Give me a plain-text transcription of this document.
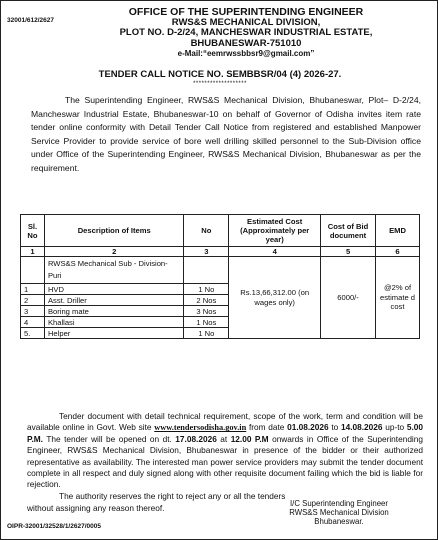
32001/612/2627
OFFICE OF THE SUPERINTENDING ENGINEER
RWS&S MECHANICAL DIVISION,
PLOT NO. D-2/24, MANCHESWAR INDUSTRIAL ESTATE,
BHUBANESWAR-751010
e-Mail:“eemrwssbbsr9@gmail.com”
TENDER CALL NOTICE NO. SEMBBSR/04 (4) 2026-27.
*******************

The Superintending Engineer, RWS&S Mechanical Division, Bhubaneswar, Plot– D-2/24, Mancheswar Industrial Estate, Bhubaneswar-10 on behalf of Governor of Odisha invites item rate tender online conformity with Detail Tender Call Notice from registered and established Manpower Service Provider to provide service of bore well drilling skilled personnel to the Sub-Division office under Office of the Superintending Engineer, RWS&S Mechanical Division, Bhubaneswar as per the requirement.

Sl. No	Description of Items	No	Estimated Cost (Approximately per year)	Cost of Bid document	EMD
1	2	3	4	5	6
	RWS&S Mechanical Sub - Division-Puri		Rs.13,66,312.00 (on wages only)	6000/-	@2% of estimate d cost
1	HVD	1 No			
2	Asst. Driller	2 Nos			
3	Boring mate	3 Nos			
4	Khallasi	1 Nos			
5.	Helper	1 No			

Tender document with detail technical requirement, scope of the work, term and condition will be available online in Govt. Web site www.tendersodisha.gov.in from date 01.08.2026 to 14.08.2026 up-to 5.00 P.M. The tender will be opened on dt. 17.08.2026 at 12.00 P.M onwards in Office of the Superintending Engineer, RWS&S Mechanical Division, Bhubaneswar in presence of the bidder or their authorized representative as availability. The interested man power service providers may submit the tender document complete in all respect and duly signed along with other requisite document failing which the bid is liable for rejection.

The authority reserves the right to reject any or all the tenders without assigning any reason thereof.	I/C Superintending Engineer
RWS&S Mechanical Division
Bhubaneswar.
OIPR-32001/32528/1/2627/0005
